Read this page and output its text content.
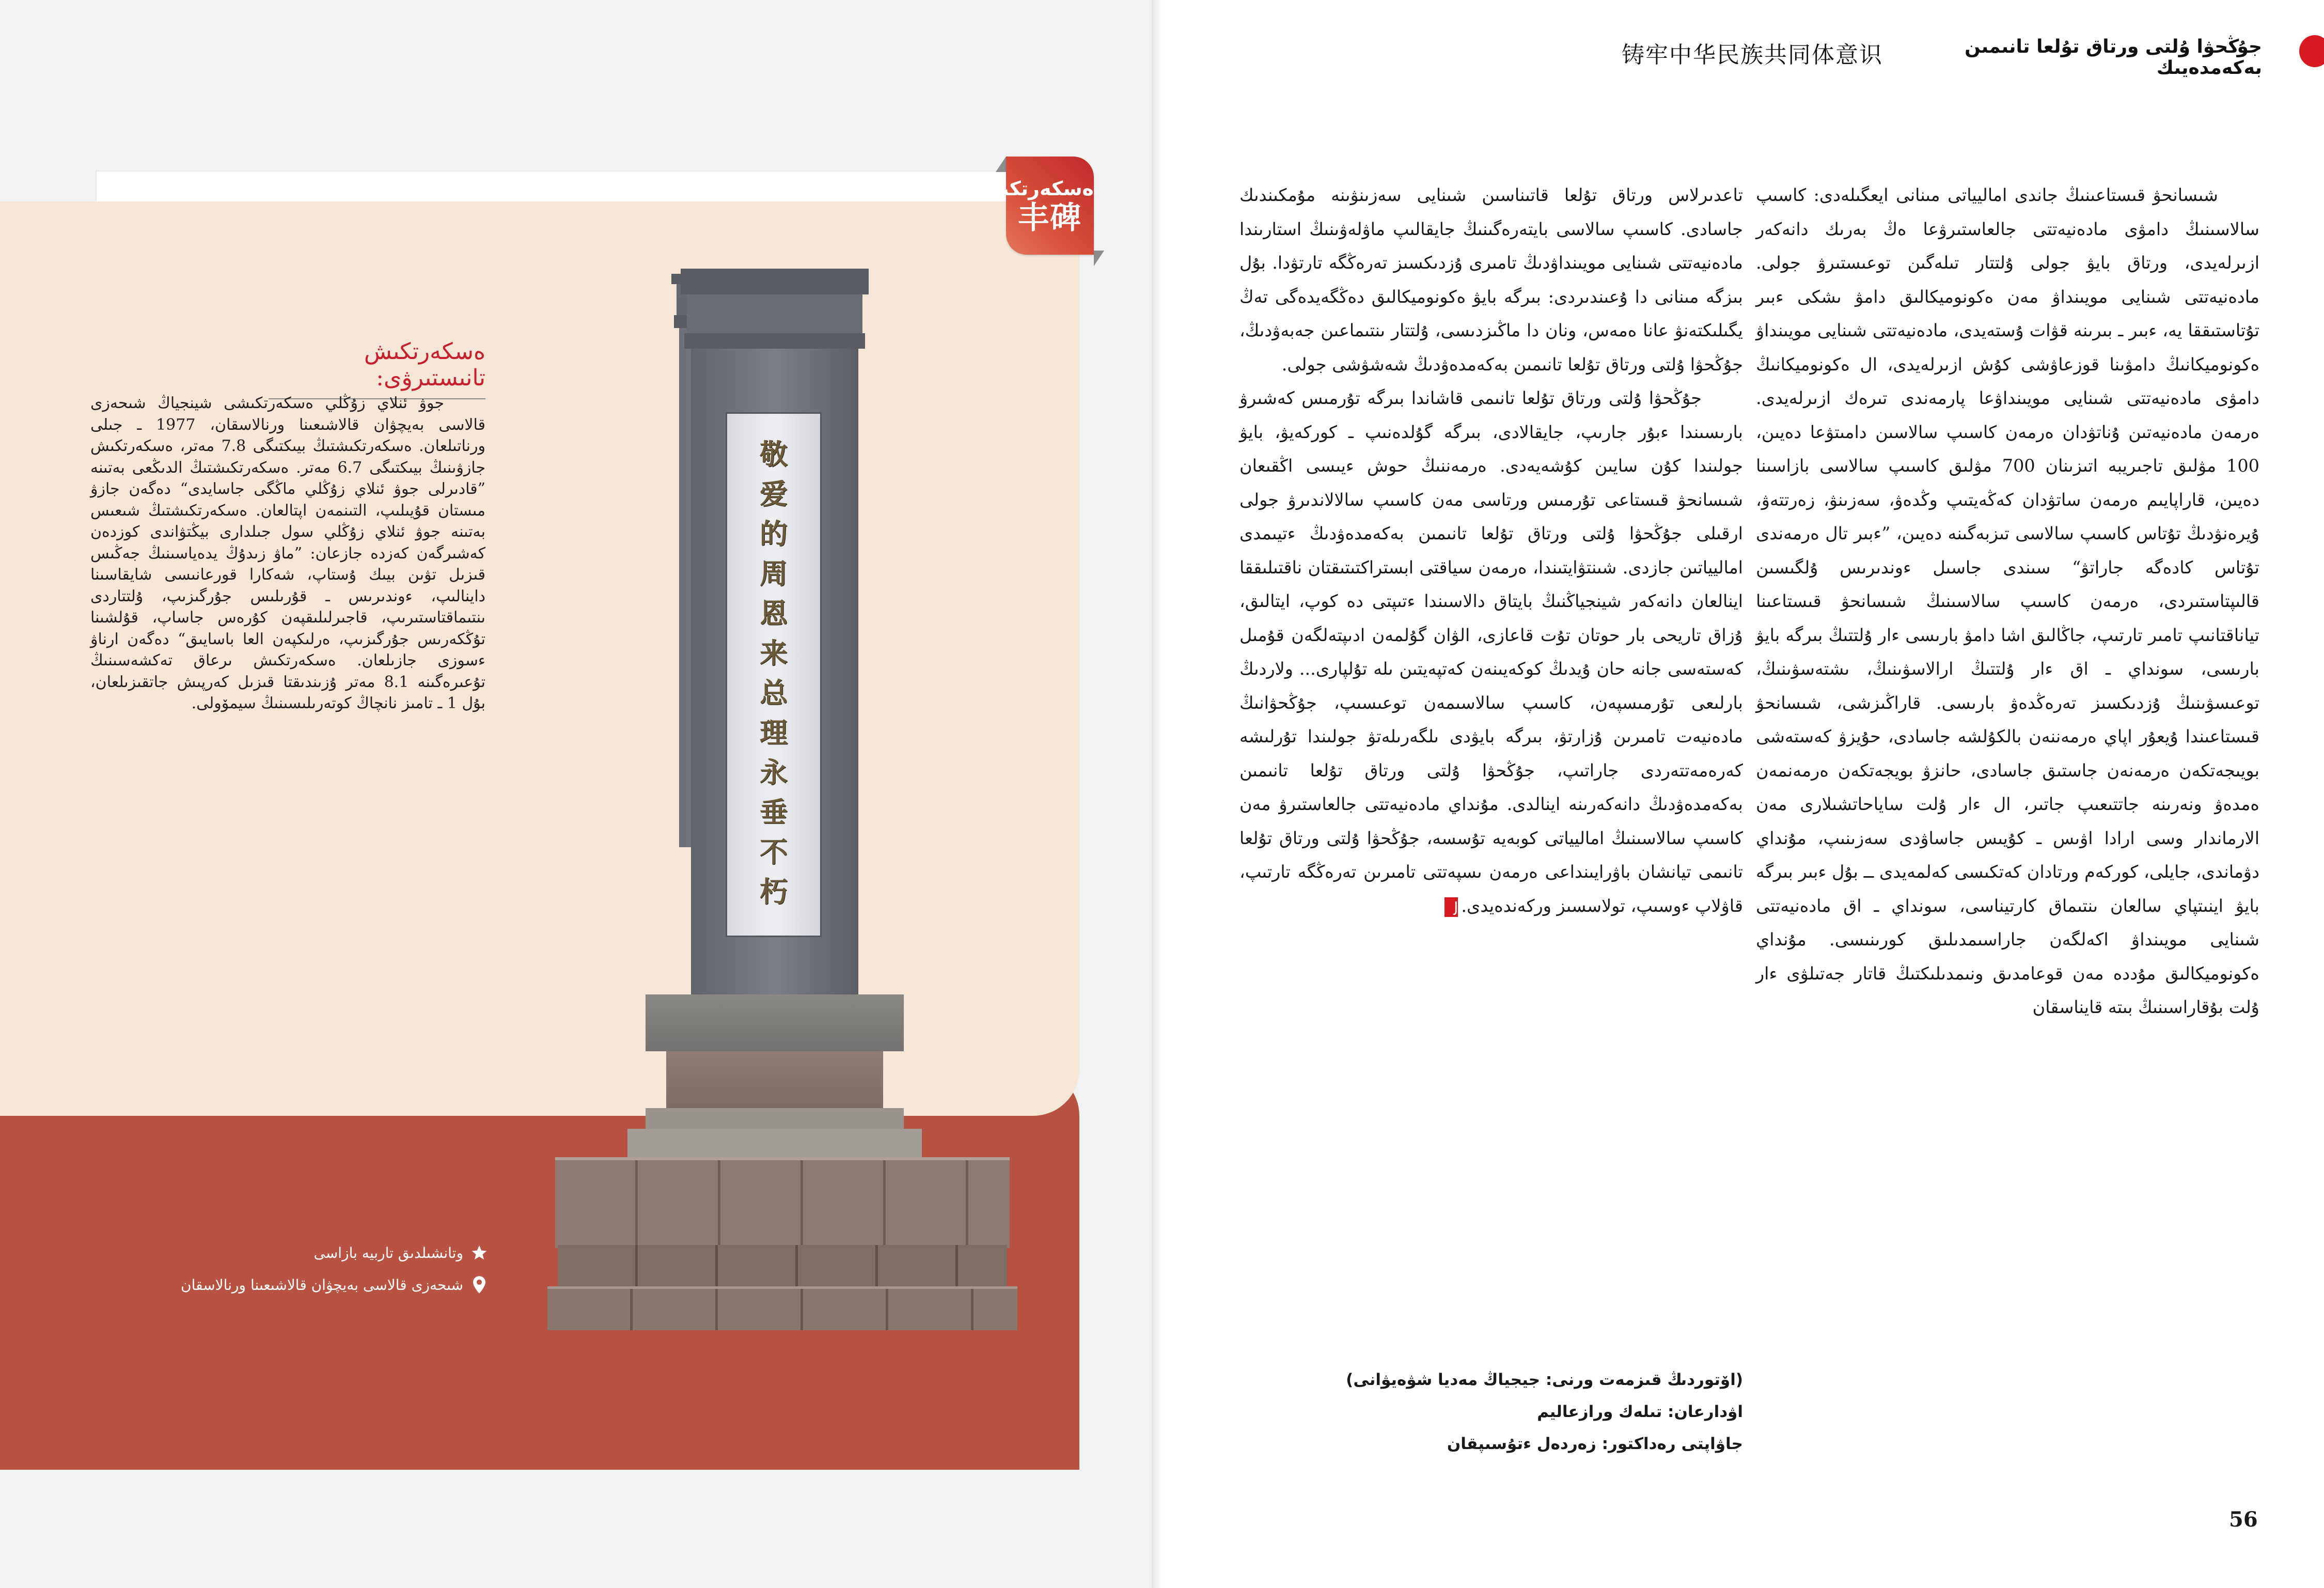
ەسكەرتكىش
丰碑
ەسكەرتكىش تانىستىرۋى:
جوۋ ئنلاي زۇڭلي ەسكەرتكىشى شينجياڭ شىحەزى قالاسى بەيچۋان قالاشىعىنا ورنالاسقان، 1977 ـ جىلى ورناتىلعان. ەسكەرتكىشتىڭ بيىكتىگى 7.8 مەتر، ەسكەرتكىش جازۋىنىڭ بيىكتىگى 6.7 مەتر. ەسكەرتكىشتىڭ الدىڭعى بەتىنە ”قادىرلى جوۋ ئنلاي زۇڭلي ماڭگى جاسايدى“ دەگەن جازۋ مىستان قۇيىلىپ، التىنمەن اپتالعان. ەسكەرتكىشتىڭ شىعىس بەتىنە جوۋ ئنلاي زۇڭلي سول جىلدارى بيڭتۋاندى كوزدەن كەشىرگەن كەزدە جازعان: ”ماۋ زىدۇڭ يدەياسىنىڭ جەڭىس قىزىل تۋىن بيىك ۇستاپ، شەكارا قورعانىسى شايقاسىنا داينالىپ، ءوندىرىس ـ قۇرىلىس جۇرگىزىپ، ۇلتتاردى ىنتىماقتاستىرىپ، قاجىرلىلىقپەن كۇرەس جاساپ، قۇلشىنا تۇڭكەرىس جۇرگىزىپ، ەرلىكپەن العا باسايىق“ دەگەن ارناۋ ءسوزى جازىلعان. ەسكەرتكىش ىرعاق تەكشەسىنىڭ تۇعىرەگىنە 8.1 مەتر ۇزىندىقتا قىزىل كەرپىش جاتقىزىلعان، بۇل 1 ـ تامىز نانچاڭ كوتەرىلىسىنىڭ سيمۆولى.
وتانشىلدىق تاربيە بازاسى
شىحەزى قالاسى بەيچۋان قالاشىعىنا ورنالاسقان
铸牢中华民族共同体意识	جۇڭحۋا ۇلتى ورتاق تۇلعا تانىمىن بەكەمدەيىك

شىسانحۋ قىستاعىنىڭ جاندى اماليياتى مىنانى ايعگىلەدى: كاسىپ سالاسىنىڭ دامۋى مادەنيەتتى جالعاستىرۋعا ەڭ بەرىك دانەكەر ازىرلەيدى، ورتاق بايۋ جولى ۇلتتار تىلەگىن توعىستىرۋ جولى. مادەنيەتتى شىنايى مويىنداۋ مەن ەكونوميكالىق دامۋ ىشكى ءبىر تۇتاستىققا يە، ءبىر ـ بىرىنە قۋات ۇستەيدى، مادەنيەتتى شىنايى مويىنداۋ ەكونوميكانىڭ دامۋىنا قوزعاۋشى كۇش ازىرلەيدى، ال ەكونوميكانىڭ دامۋى مادەنيەتتى شىنايى مويىنداۋعا پارمەندى تىرەك ازىرلەيدى. ەرمەن مادەنيەتىن ۇناتۋدان ەرمەن كاسىپ سالاسىن دامىتۋعا دەيىن، 100 مۋلىق تاجىريبە اتىزىنان 700 مۋلىق كاسىپ سالاسى بازاسىنا دەيىن، قاراپايىم ەرمەن ساتۋدان كەڭەيتىپ وڭدەۋ، سەزىنۋ، زەرتتەۋ، ۇيرەنۋدىڭ تۇتاس كاسىپ سالاسى تىزبەگىنە دەيىن، ”ءبىر تال ەرمەندى تۇتاس كادەگە جاراتۋ“ سىندى جاسىل ءوندىرىس ۇلگىسىن قالىپتاستىردى، ەرمەن كاسىپ سالاسىنىڭ شىسانحۋ قىستاعىنا تياناقتانىپ تامىر تارتىپ، جاڭالىق اشا دامۋ بارىسى ءار ۇلتتىڭ بىرگە بايۋ بارىسى، سونداي ـ اق ءار ۇلتتىڭ ارالاسۋىنىڭ، ىشتەسۋىنىڭ، توعىسۋىنىڭ ۇزدىكسىز تەرەڭدەۋ بارىسى. قاراڭىزشى، شىسانحۋ قىستاعىندا ۇيعۇر اپاي ەرمەننەن بالكۇلشە جاسادى، حۇيزۋ كەستەشى بويىجەتكەن ەرمەنەن جاستىق جاسادى، حانزۋ بويجەتكەن ەرمەنمەن ەمدەۋ ونەرىنە جاتتىعىپ جاتىر، ال ءار ۇلت ساياحاتشىلارى مەن الارماندار وسى ارادا اۋىس ـ كۇيىس جاساۋدى سەزىنىپ، مۇنداي دۋماندى، جايلى، كوركەم ورتادان كەتكىسى كەلمەيدى ــ بۇل ءبىر بىرگە بايۋ اينىتپاي سالعان ىنتىماق كارتيناسى، سونداي ـ اق مادەنيەتتى شىنايى مويىنداۋ اكەلگەن جاراسىمدىلىق كورىنىسى. مۇنداي ەكونوميكالىق مۇددە مەن قوعامدىق ونىمدىلىكتىڭ قاتار جەتىلۋى ءار ۇلت بۇقاراسىنىڭ بىتە قايناسقان

تاعدىرلاس ورتاق تۇلعا قاتىناسىن شىنايى سەزىنۋىنە مۇمكىندىك جاسادى. كاسىپ سالاسى بايتەرەگىنىڭ جايقالىپ ماۋلەۋىنىڭ استارىندا مادەنيەتتى شىنايى مويىنداۋدىڭ تامىرى ۇزدىكسىز تەرەڭگە تارتۋدا. بۇل بىزگە مىنانى دا ۇعىندىردى: بىرگە بايۋ ەكونوميكالىق دەڭگەيدەگى تەڭ يگىلىكتەنۋ عانا ەمەس، ونان دا ماڭىزدىسى، ۇلتتار ىنتىماعىن جەبەۋدىڭ، جۇڭحۋا ۇلتى ورتاق تۇلعا تانىمىن بەكەمدەۋدىڭ شەشۋشى جولى.

جۇڭحۋا ۇلتى ورتاق تۇلعا تانىمى قاشاندا بىرگە تۇرمىس كەشىرۋ بارىسىندا ءبۇر جارىپ، جايقالادى، بىرگە گۇلدەنىپ ـ كوركەيۋ، بايۋ جولىندا كۇن سايىن كۇشەيەدى. ەرمەننىڭ حوش ءيىسى اڭقىعان شىسانحۋ قىستاعى تۇرمىس ورتاسى مەن كاسىپ سالالاندىرۋ جولى ارقىلى جۇڭحۋا ۇلتى ورتاق تۇلعا تانىمىن بەكەمدەۋدىڭ ءتيىمدى اماليياتىن جازدى. شىنتۋايتىندا، ەرمەن سياقتى ابستراكتىتىقتان ناقتىلىققا اينالعان دانەكەر شينجياڭنىڭ بايتاق دالاسىندا ءتىپتى دە كوپ، ايتالىق، ۇزاق تاريحى بار حوتان تۇت قاعازى، الۋان گۇلمەن ادىپتەلگەن قۇمىل كەستەسى جانە حان ۇيدىڭ كوكەيىنەن كەتپەيتىن ىلە تۇلپارى... ولاردىڭ بارلىعى تۇرمىسپەن، كاسىپ سالاسىمەن توعىسىپ، جۇڭحۋانىڭ مادەنيەت تامىرىن ۇزارتۋ، بىرگە بايۋدى ىلگەرىلەتۋ جولىندا تۇرلىشە كەرەمەتتەردى جاراتىپ، جۇڭحۋا ۇلتى ورتاق تۇلعا تانىمىن بەكەمدەۋدىڭ دانەكەرىنە اينالدى. مۇنداي مادەنيەتتى جالعاستىرۋ مەن كاسىپ سالاسىنىڭ اماليياتى كوبەيە تۇسسە، جۇڭحۋا ۇلتى ورتاق تۇلعا تانىمى تيانشان باۋرايىنداعى ەرمەن ىسپەتتى تامىرىن تەرەڭگە تارتىپ، قاۋلاپ ءوسىپ، تولاسسىز وركەندەيدى.J

(اۆتوردىڭ قىزمەت ورنى: جيجياڭ مەديا شۋەيۋانى)
اۋدارعان: تىلەك ورازعاليم
جاۋاپتى رەداكتور: زەردەل ءتۇسىپقان
56
敬
爱
的
周
恩
来
总
理
永
垂
不
朽
